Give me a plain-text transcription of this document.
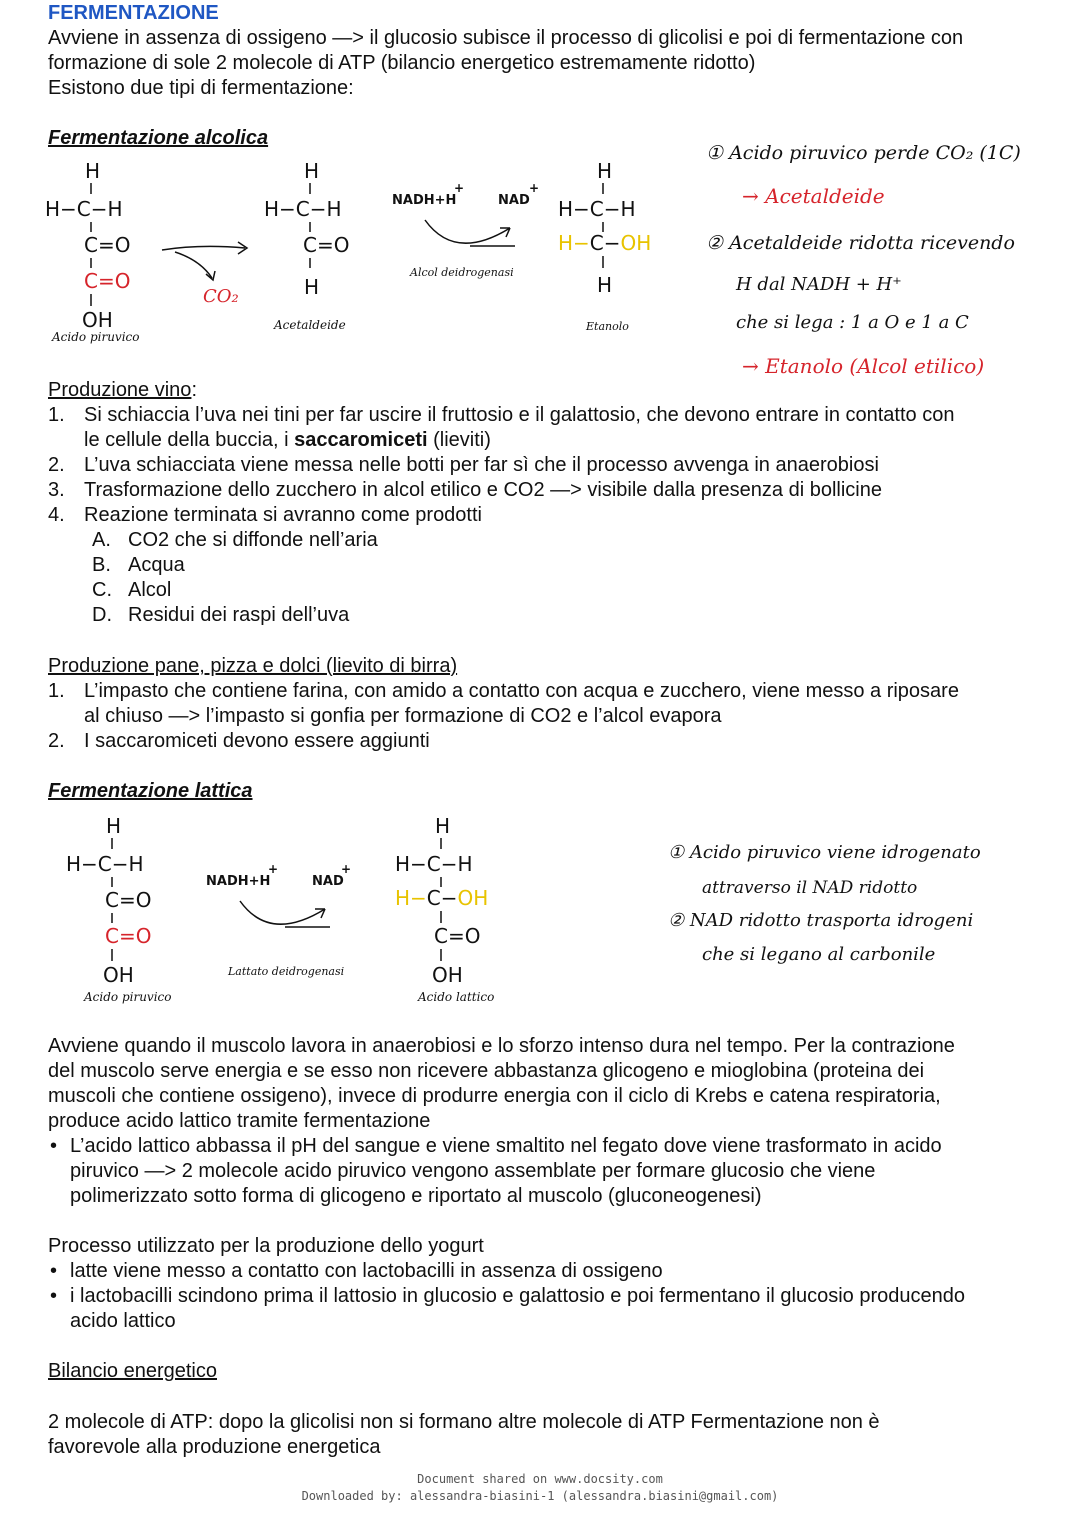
FERMENTAZIONE
Avviene in assenza di ossigeno —> il glucosio subisce il processo di glicolisi e poi di fermentazione con
formazione di sole 2 molecole di ATP (bilancio energetico estremamente ridotto)
Esistono due tipi di fermentazione:
Fermentazione alcolica
H
H−C−H
C=O
C=O
OH
CO₂
H
H−C−H
C=O
H
NADH+H
+
NAD
+
Alcol deidrogenasi
H
H−C−H
H−C−OH
H
Etanolo
Acido piruvico
Acetaldeide
① Acido piruvico perde CO₂ (1C)
→ Acetaldeide
② Acetaldeide ridotta ricevendo
H dal NADH + H⁺
che si lega : 1 a O e 1 a C
→ Etanolo (Alcol etilico)
Produzione vino:
1. Si schiaccia l’uva nei tini per far uscire il fruttosio e il galattosio, che devono entrare in contatto con
le cellule della buccia, i saccaromiceti (lieviti)
2. L’uva schiacciata viene messa nelle botti per far sì che il processo avvenga in anaerobiosi
3. Trasformazione dello zucchero in alcol etilico e CO2 —> visibile dalla presenza di bollicine
4. Reazione terminata si avranno come prodotti
A. CO2 che si diffonde nell’aria
B. Acqua
C. Alcol
D. Residui dei raspi dell’uva
Produzione pane, pizza e dolci (lievito di birra)
1. L’impasto che contiene farina, con amido a contatto con acqua e zucchero, viene messo a riposare
al chiuso —> l’impasto si gonfia per formazione di CO2 e l’alcol evapora
2. I saccaromiceti devono essere aggiunti
Fermentazione lattica
H
H−C−H
C=O
C=O
OH
NADH+H
+
NAD
+
Lattato deidrogenasi
H
H−C−H
H−C−OH
C=O
OH
Acido piruvico	Acido lattico
① Acido piruvico viene idrogenato
attraverso il NAD ridotto
② NAD ridotto trasporta idrogeni
che si legano al carbonile
Avviene quando il muscolo lavora in anaerobiosi e lo sforzo intenso dura nel tempo. Per la contrazione
del muscolo serve energia e se esso non ricevere abbastanza glicogeno e mioglobina (proteina dei
muscoli che contiene ossigeno), invece di produrre energia con il ciclo di Krebs e catena respiratoria,
produce acido lattico tramite fermentazione
• L’acido lattico abbassa il pH del sangue e viene smaltito nel fegato dove viene trasformato in acido
piruvico —> 2 molecole acido piruvico vengono assemblate per formare glucosio che viene
polimerizzato sotto forma di glicogeno e riportato al muscolo (gluconeogenesi)
Processo utilizzato per la produzione dello yogurt
• latte viene messo a contatto con lactobacilli in assenza di ossigeno
• i lactobacilli scindono prima il lattosio in glucosio e galattosio e poi fermentano il glucosio producendo
acido lattico
Bilancio energetico
2 molecole di ATP: dopo la glicolisi non si formano altre molecole di ATP Fermentazione non è
favorevole alla produzione energetica
Document shared on www.docsity.com
Downloaded by: alessandra-biasini-1 (alessandra.biasini@gmail.com)
